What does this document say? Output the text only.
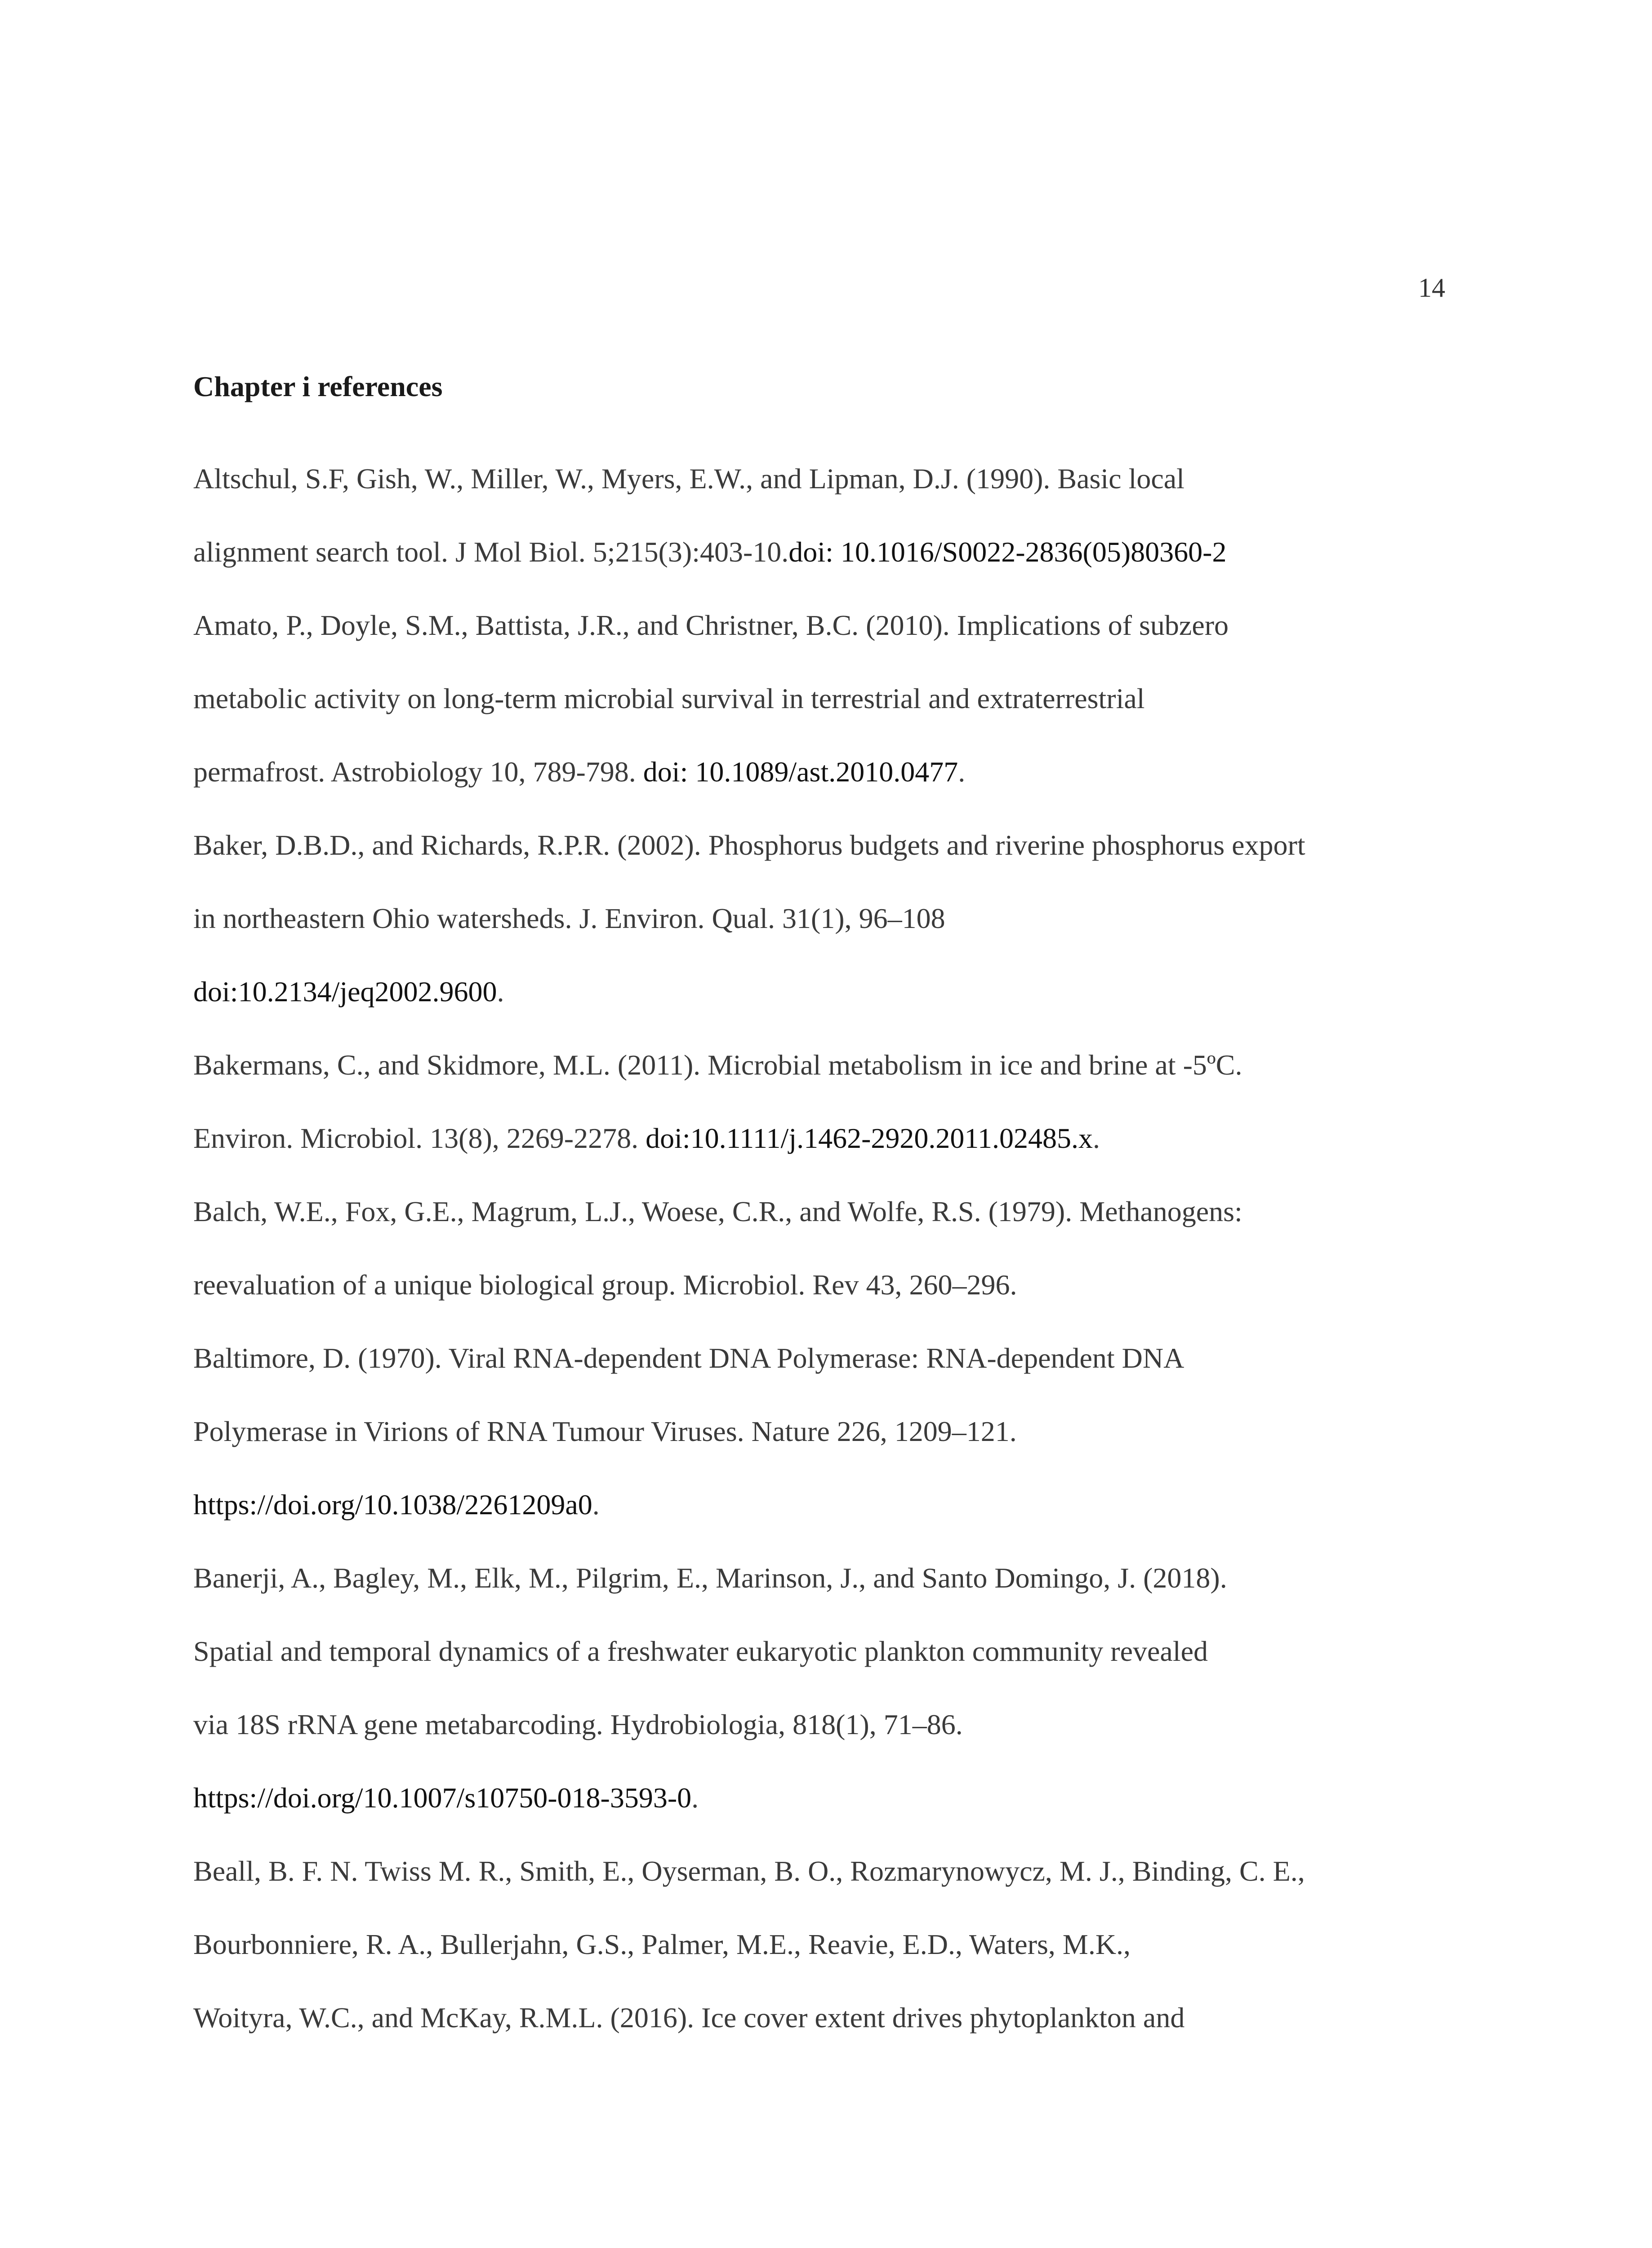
14
Chapter i references

Altschul, S.F, Gish, W., Miller, W., Myers, E.W., and Lipman, D.J. (1990). Basic local
alignment search tool. J Mol Biol. 5;215(3):403-10.doi: 10.1016/S0022-2836(05)80360-2

Amato, P., Doyle, S.M., Battista, J.R., and Christner, B.C. (2010). Implications of subzero
metabolic activity on long-term microbial survival in terrestrial and extraterrestrial
permafrost. Astrobiology 10, 789-798. doi: 10.1089/ast.2010.0477.

Baker, D.B.D., and Richards, R.P.R. (2002). Phosphorus budgets and riverine phosphorus export
in northeastern Ohio watersheds. J. Environ. Qual. 31(1), 96–108
doi:10.2134/jeq2002.9600.

Bakermans, C., and Skidmore, M.L. (2011). Microbial metabolism in ice and brine at -5ºC.
Environ. Microbiol. 13(8), 2269-2278. doi:10.1111/j.1462-2920.2011.02485.x.

Balch, W.E., Fox, G.E., Magrum, L.J., Woese, C.R., and Wolfe, R.S. (1979). Methanogens:
reevaluation of a unique biological group. Microbiol. Rev 43, 260–296.

Baltimore, D. (1970). Viral RNA-dependent DNA Polymerase: RNA-dependent DNA
Polymerase in Virions of RNA Tumour Viruses. Nature 226, 1209–121.
https://doi.org/10.1038/2261209a0.

Banerji, A., Bagley, M., Elk, M., Pilgrim, E., Marinson, J., and Santo Domingo, J. (2018).
Spatial and temporal dynamics of a freshwater eukaryotic plankton community revealed
via 18S rRNA gene metabarcoding. Hydrobiologia, 818(1), 71–86.
https://doi.org/10.1007/s10750-018-3593-0.

Beall, B. F. N. Twiss M. R., Smith, E., Oyserman, B. O., Rozmarynowycz, M. J., Binding, C. E.,
Bourbonniere, R. A., Bullerjahn, G.S., Palmer, M.E., Reavie, E.D., Waters, M.K.,
Woityra, W.C., and McKay, R.M.L. (2016). Ice cover extent drives phytoplankton and
